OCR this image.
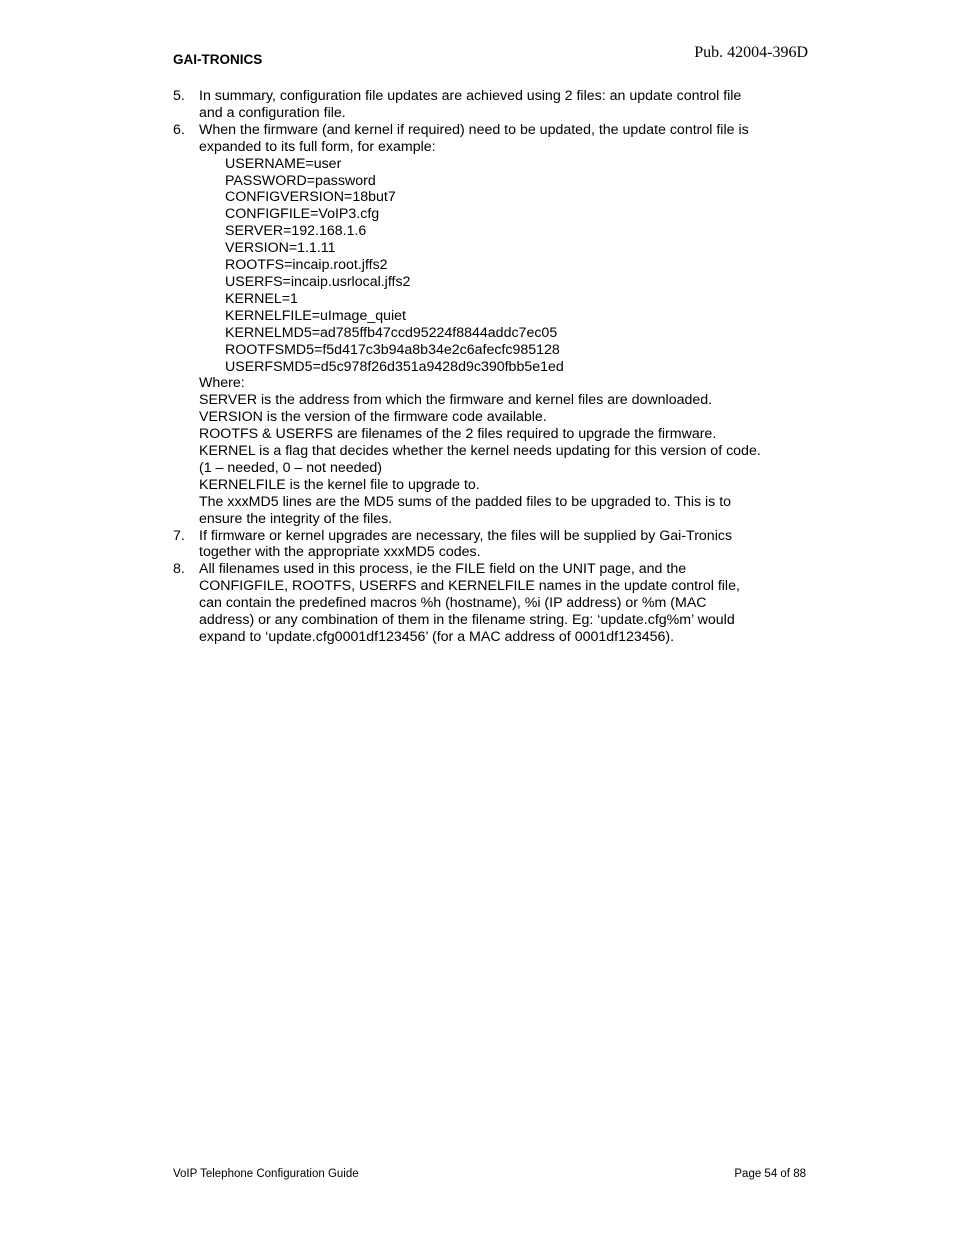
GAI-TRONICS	Pub. 42004-396D
5. In summary, configuration file updates are achieved using 2 files: an update control file
and a configuration file.
6. When the firmware (and kernel if required) need to be updated, the update control file is
expanded to its full form, for example:
USERNAME=user
PASSWORD=password
CONFIGVERSION=18but7
CONFIGFILE=VoIP3.cfg
SERVER=192.168.1.6
VERSION=1.1.11
ROOTFS=incaip.root.jffs2
USERFS=incaip.usrlocal.jffs2
KERNEL=1
KERNELFILE=uImage_quiet
KERNELMD5=ad785ffb47ccd95224f8844addc7ec05
ROOTFSMD5=f5d417c3b94a8b34e2c6afecfc985128
USERFSMD5=d5c978f26d351a9428d9c390fbb5e1ed
Where:
SERVER is the address from which the firmware and kernel files are downloaded.
VERSION is the version of the firmware code available.
ROOTFS & USERFS are filenames of the 2 files required to upgrade the firmware.
KERNEL is a flag that decides whether the kernel needs updating for this version of code.
(1 – needed, 0 – not needed)
KERNELFILE is the kernel file to upgrade to.
The xxxMD5 lines are the MD5 sums of the padded files to be upgraded to. This is to
ensure the integrity of the files.
7. If firmware or kernel upgrades are necessary, the files will be supplied by Gai-Tronics
together with the appropriate xxxMD5 codes.
8. All filenames used in this process, ie the FILE field on the UNIT page, and the
CONFIGFILE, ROOTFS, USERFS and KERNELFILE names in the update control file,
can contain the predefined macros %h (hostname), %i (IP address) or %m (MAC
address) or any combination of them in the filename string. Eg: ‘update.cfg%m’ would
expand to ‘update.cfg0001df123456’ (for a MAC address of 0001df123456).
VoIP Telephone Configuration Guide	Page 54 of 88
